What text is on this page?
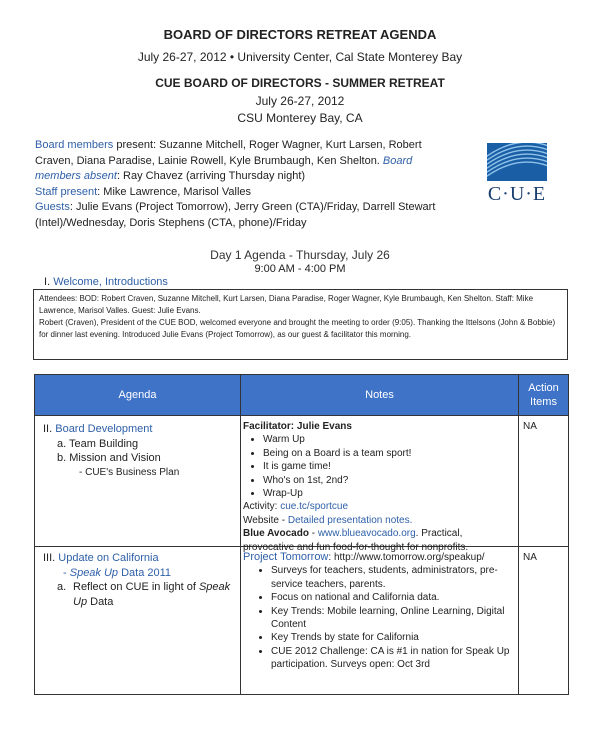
BOARD OF DIRECTORS RETREAT AGENDA
July 26-27, 2012 • University Center, Cal State Monterey Bay
CUE BOARD OF DIRECTORS - SUMMER RETREAT
July 26-27, 2012
CSU Monterey Bay, CA
Board members present: Suzanne Mitchell, Roger Wagner, Kurt Larsen, Robert Craven, Diana Paradise, Lainie Rowell, Kyle Brumbaugh, Ken Shelton. Board members absent: Ray Chavez (arriving Thursday night)
Staff present: Mike Lawrence, Marisol Valles
Guests: Julie Evans (Project Tomorrow), Jerry Green (CTA)/Friday, Darrell Stewart (Intel)/Wednesday, Doris Stephens (CTA, phone)/Friday
C·U·E
Day 1 Agenda - Thursday, July 26
9:00 AM - 4:00 PM
I. Welcome, Introductions
Attendees: BOD: Robert Craven, Suzanne Mitchell, Kurt Larsen, Diana Paradise, Roger Wagner, Kyle Brumbaugh, Ken Shelton. Staff: Mike Lawrence, Marisol Valles. Guest: Julie Evans.
Robert (Craven), President of the CUE BOD, welcomed everyone and brought the meeting to order (9:05). Thanking the Ittelsons (John & Bobbie) for dinner last evening. Introduced Julie Evans (Project Tomorrow), as our guest & facilitator this morning.
Agenda	Notes
Action Items
II. Board Development
a. Team Building
b. Mission and Vision
- CUE's Business Plan
Facilitator: Julie Evans
• Warm Up
• Being on a Board is a team sport!
• It is game time!
• Who's on 1st, 2nd?
• Wrap-Up
Activity: cue.tc/sportcue
Website - Detailed presentation notes.
Blue Avocado - www.blueavocado.org. Practical, provocative and fun food-for-thought for nonprofits.
NA
III. Update on California
- Speak Up Data 2011
a. Reflect on CUE in light of Speak Up Data
Project Tomorrow: http://www.tomorrow.org/speakup/
• Surveys for teachers, students, administrators, pre-service teachers, parents.
• Focus on national and California data.
• Key Trends: Mobile learning, Online Learning, Digital Content
• Key Trends by state for California
• CUE 2012 Challenge: CA is #1 in nation for Speak Up participation. Surveys open: Oct 3rd
NA
